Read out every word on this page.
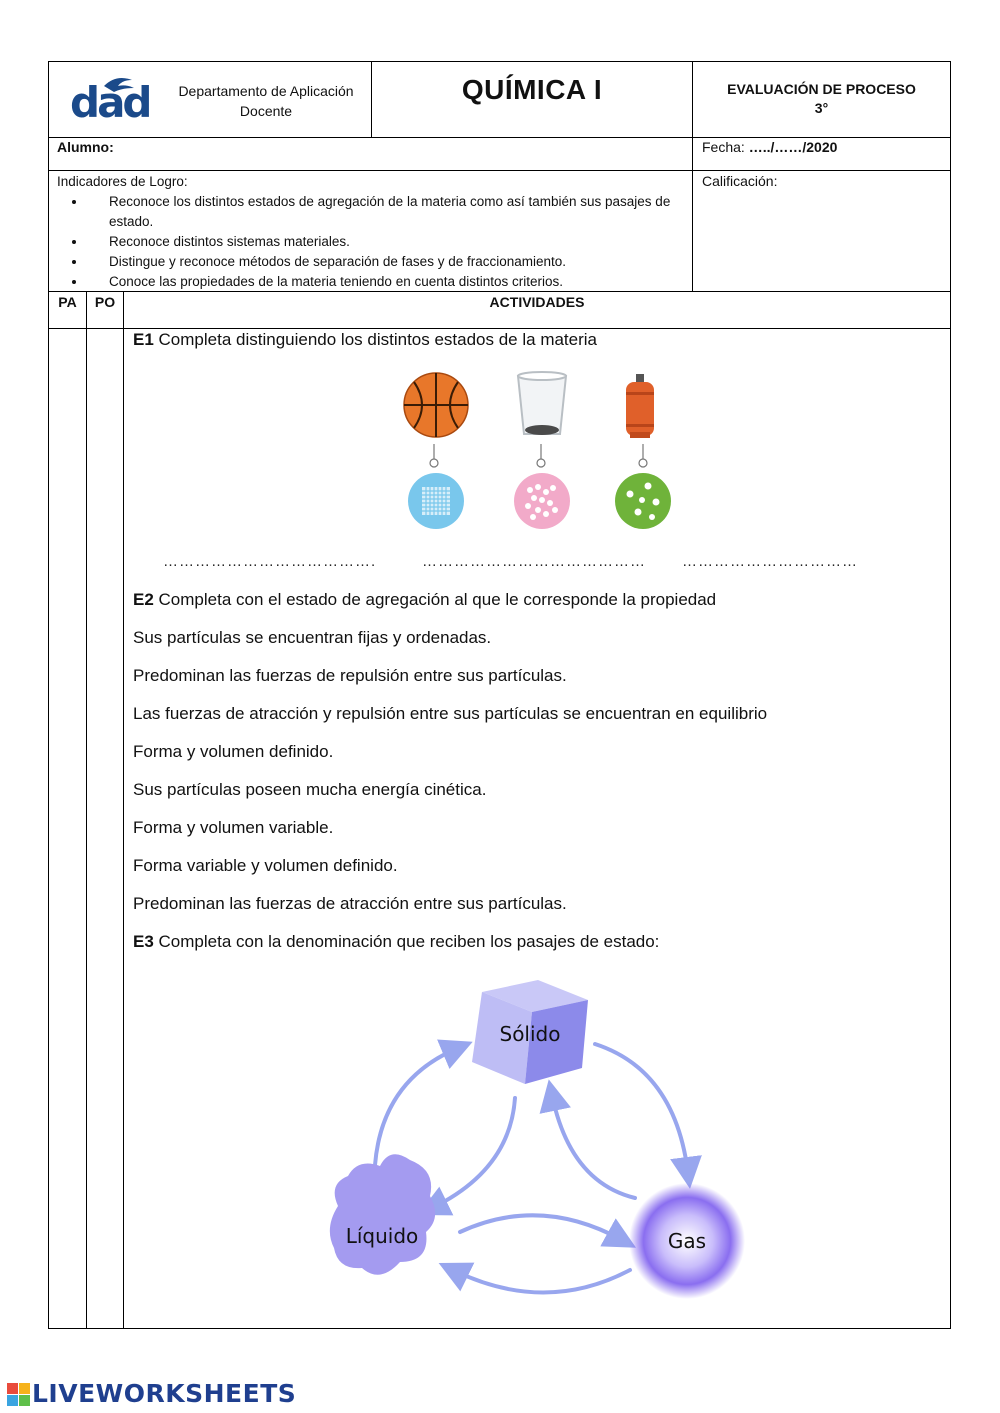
dad	Departamento de Aplicación Docente
QUÍMICA I	EVALUACIÓN DE PROCESO
3°
Alumno:	Fecha: …../……/2020
Indicadores de Logro:
• Reconoce los distintos estados de agregación de la materia como así también sus pasajes de estado.
• Reconoce distintos sistemas materiales.
• Distingue y reconoce métodos de separación de fases y de fraccionamiento.
• Conoce las propiedades de la materia teniendo en cuenta distintos criterios.
Calificación:
PA	PO	ACTIVIDADES
E1 Completa distinguiendo los distintos estados de la materia
………………………………….	……………………………………	……………………………
E2 Completa con el estado de agregación al que le corresponde la propiedad
Sus partículas se encuentran fijas y ordenadas.
Predominan las fuerzas de repulsión entre sus partículas.
Las fuerzas de atracción y repulsión entre sus partículas se encuentran en equilibrio
Forma y volumen definido.
Sus partículas poseen mucha energía cinética.
Forma y volumen variable.
Forma variable y volumen definido.
Predominan las fuerzas de atracción entre sus partículas.
E3 Completa con la denominación que reciben los pasajes de estado:
Sólido
Líquido	Gas
LIVEWORKSHEETS
